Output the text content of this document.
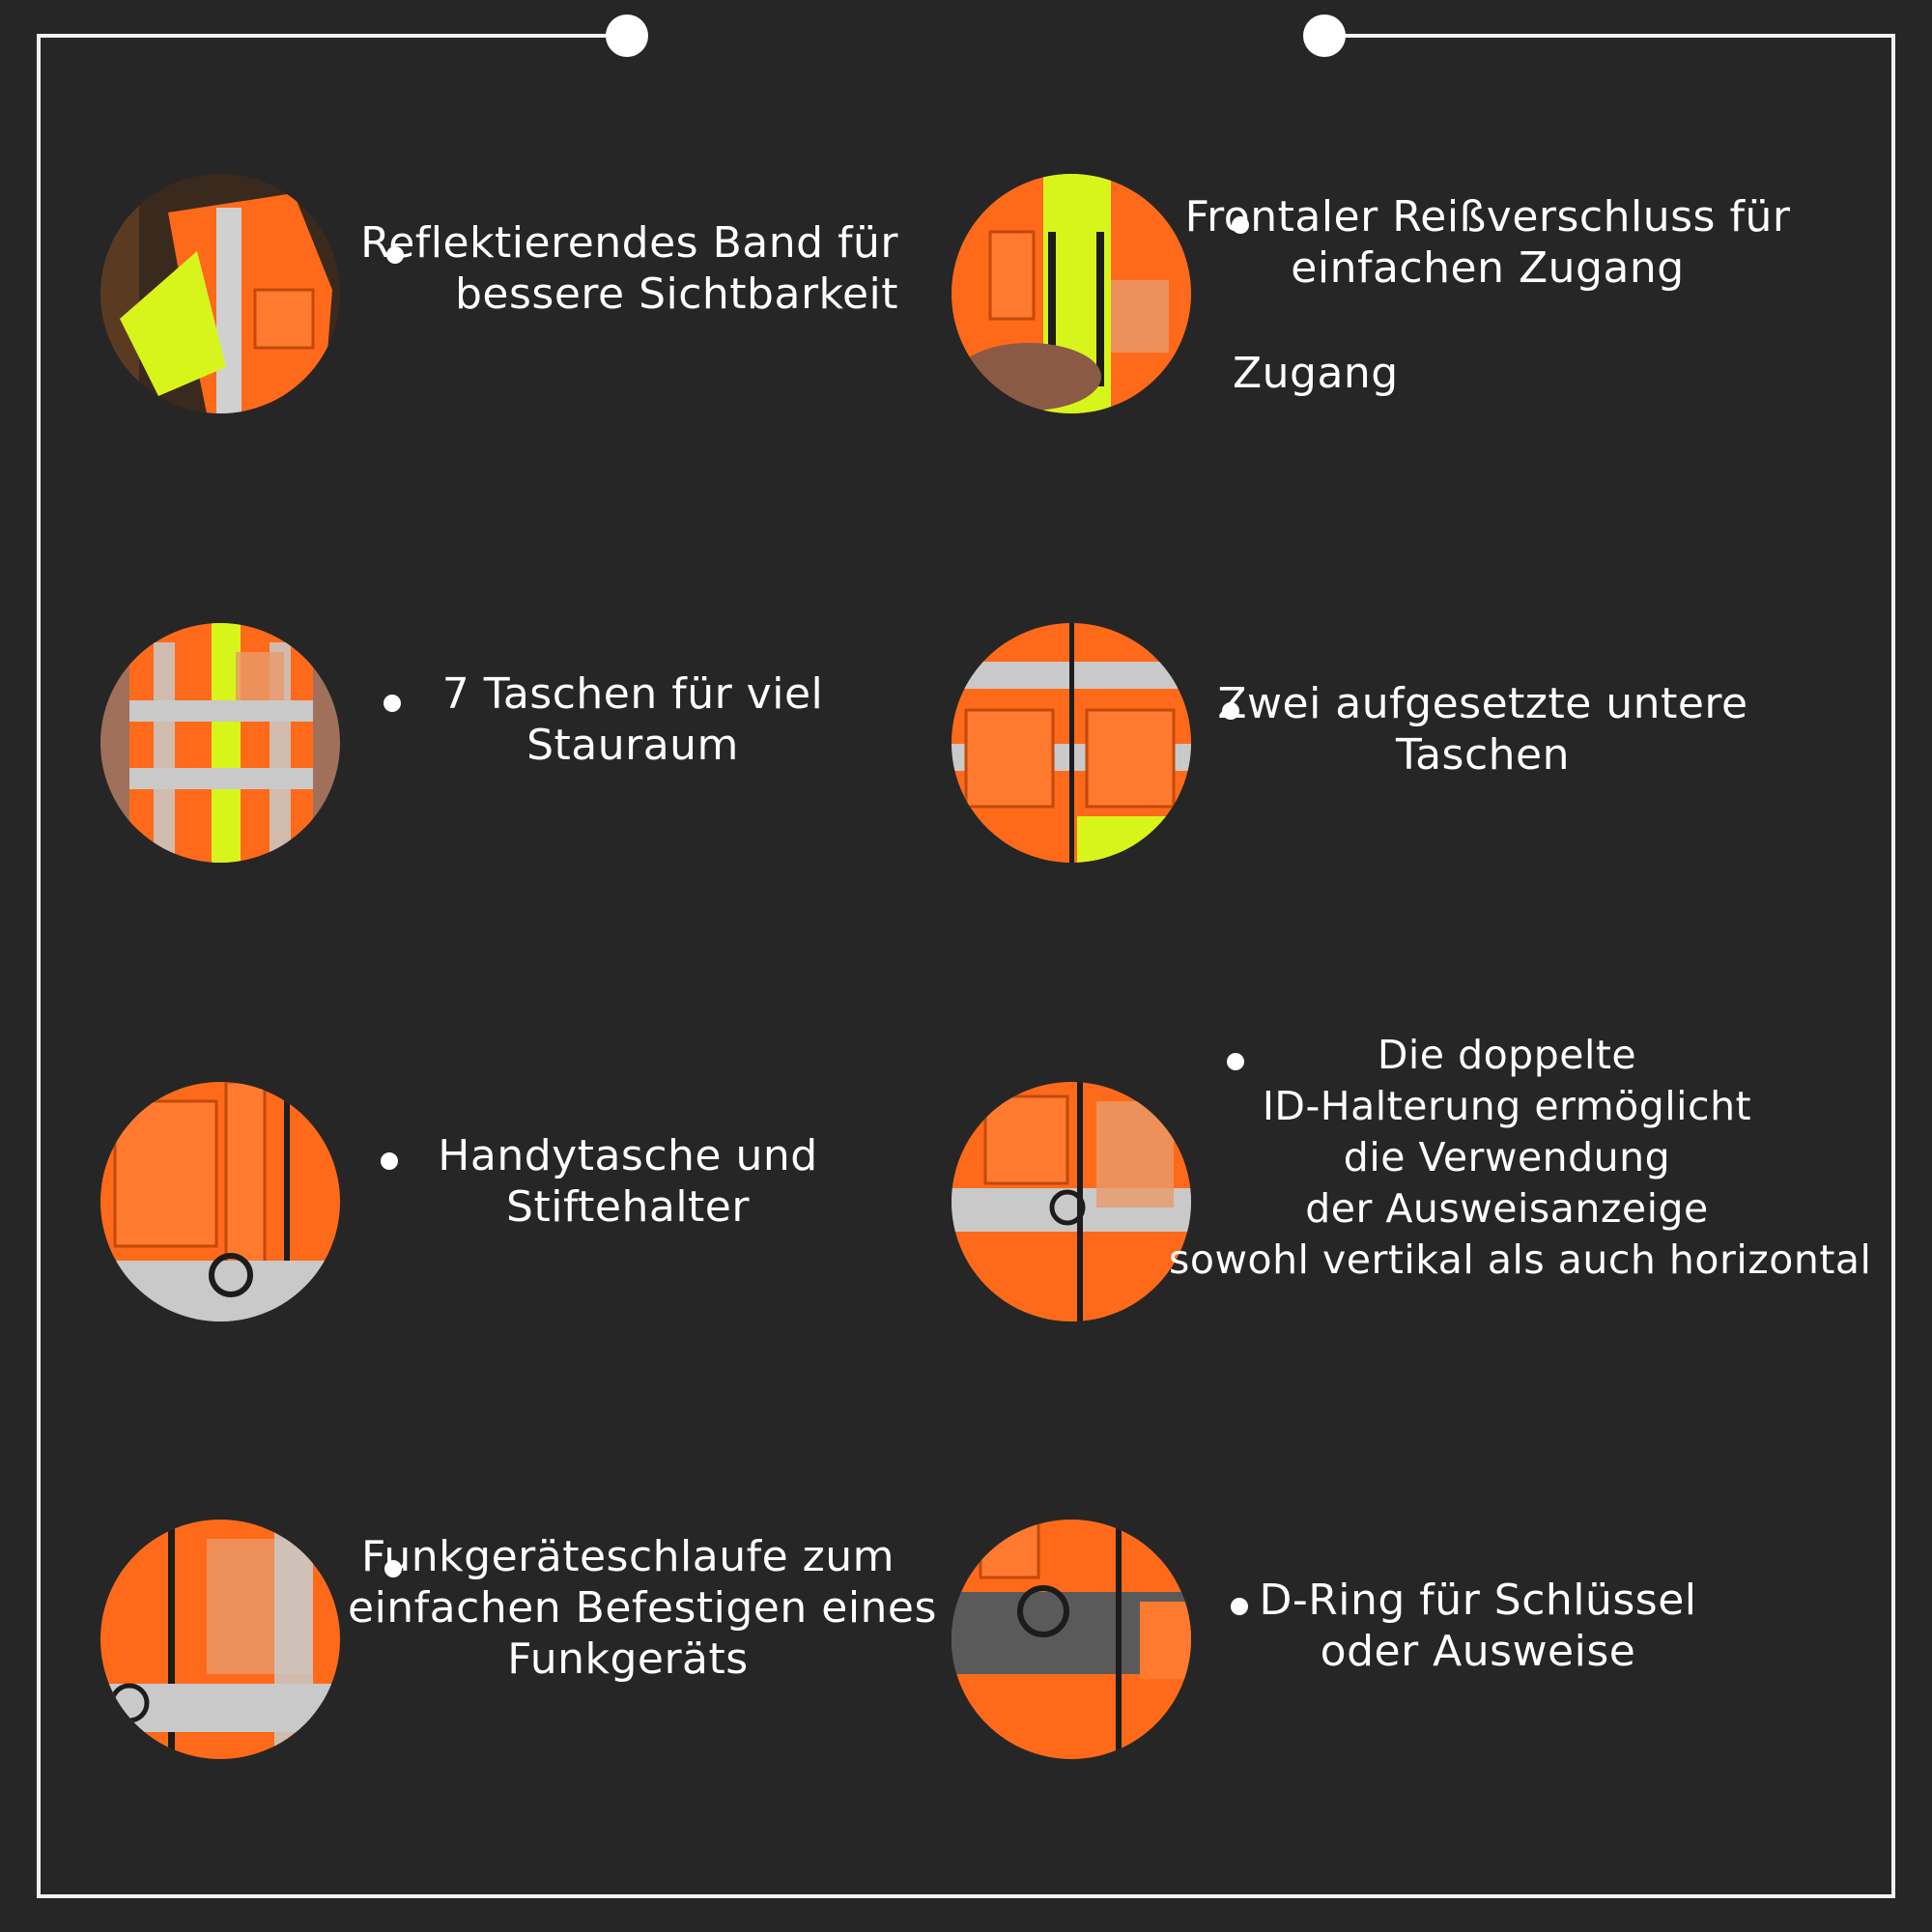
Reflektierendes Band für
bessere Sichtbarkeit
Frontaler Reißverschluss für
einfachen Zugang
Zugang
7 Taschen für viel
Stauraum
Zwei aufgesetzte untere
Taschen
Handytasche und
Stiftehalter
Die doppelte
ID-Halterung ermöglicht
die Verwendung
der Ausweisanzeige
sowohl vertikal als auch horizontal
Funkgeräteschlaufe zum
einfachen Befestigen eines
Funkgeräts
D-Ring für Schlüssel
oder Ausweise
